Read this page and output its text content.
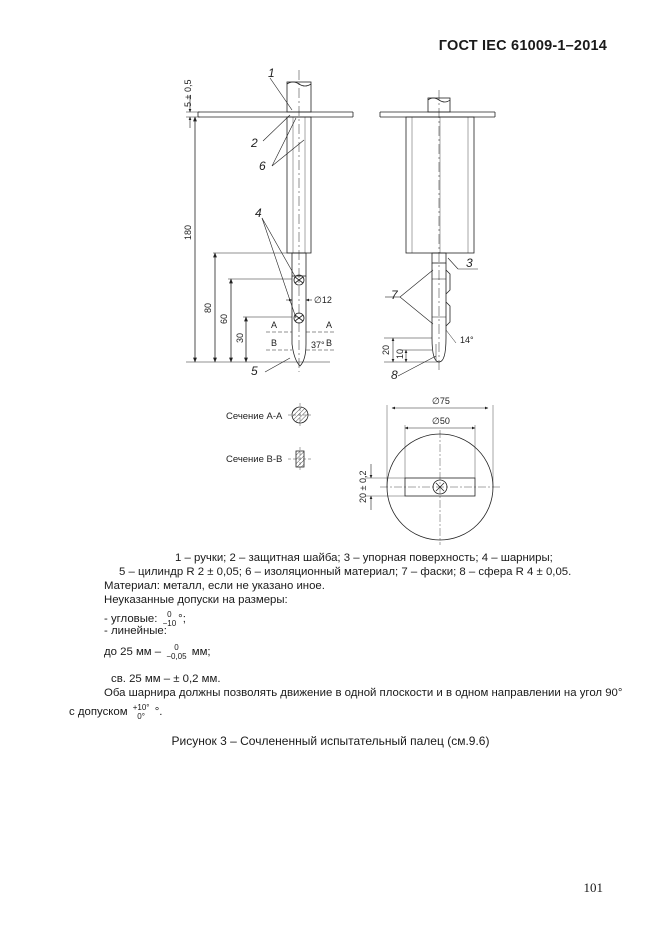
ГОСТ IEC 61009-1–2014
5 ± 0,5
180
80
60
30
∅12
37°
A	A
B	B
20 10
14°
∅75
∅50
20 ± 0,2
1
2
6
4
5
3
7
8
Сечение A-A
Сечение B-B
1 – ручки; 2 – защитная шайба; 3 – упорная поверхность; 4 – шарниры;
5 – цилиндр R 2 ± 0,05; 6 – изоляционный материал; 7 – фаски; 8 – сфера R 4 ± 0,05.
Материал: металл, если не указано иное.
Неуказанные допуски на размеры:
- угловые: 0
−10 °;
- линейные:
до 25 мм – 0
−0,05 мм;
св. 25 мм – ± 0,2 мм.
Оба шарнира должны позволять движение в одной плоскости и в одном направлении на угол 90°
с допуском +10°
0° °.
Рисунок 3 – Сочлененный испытательный палец (см.9.6)
101
